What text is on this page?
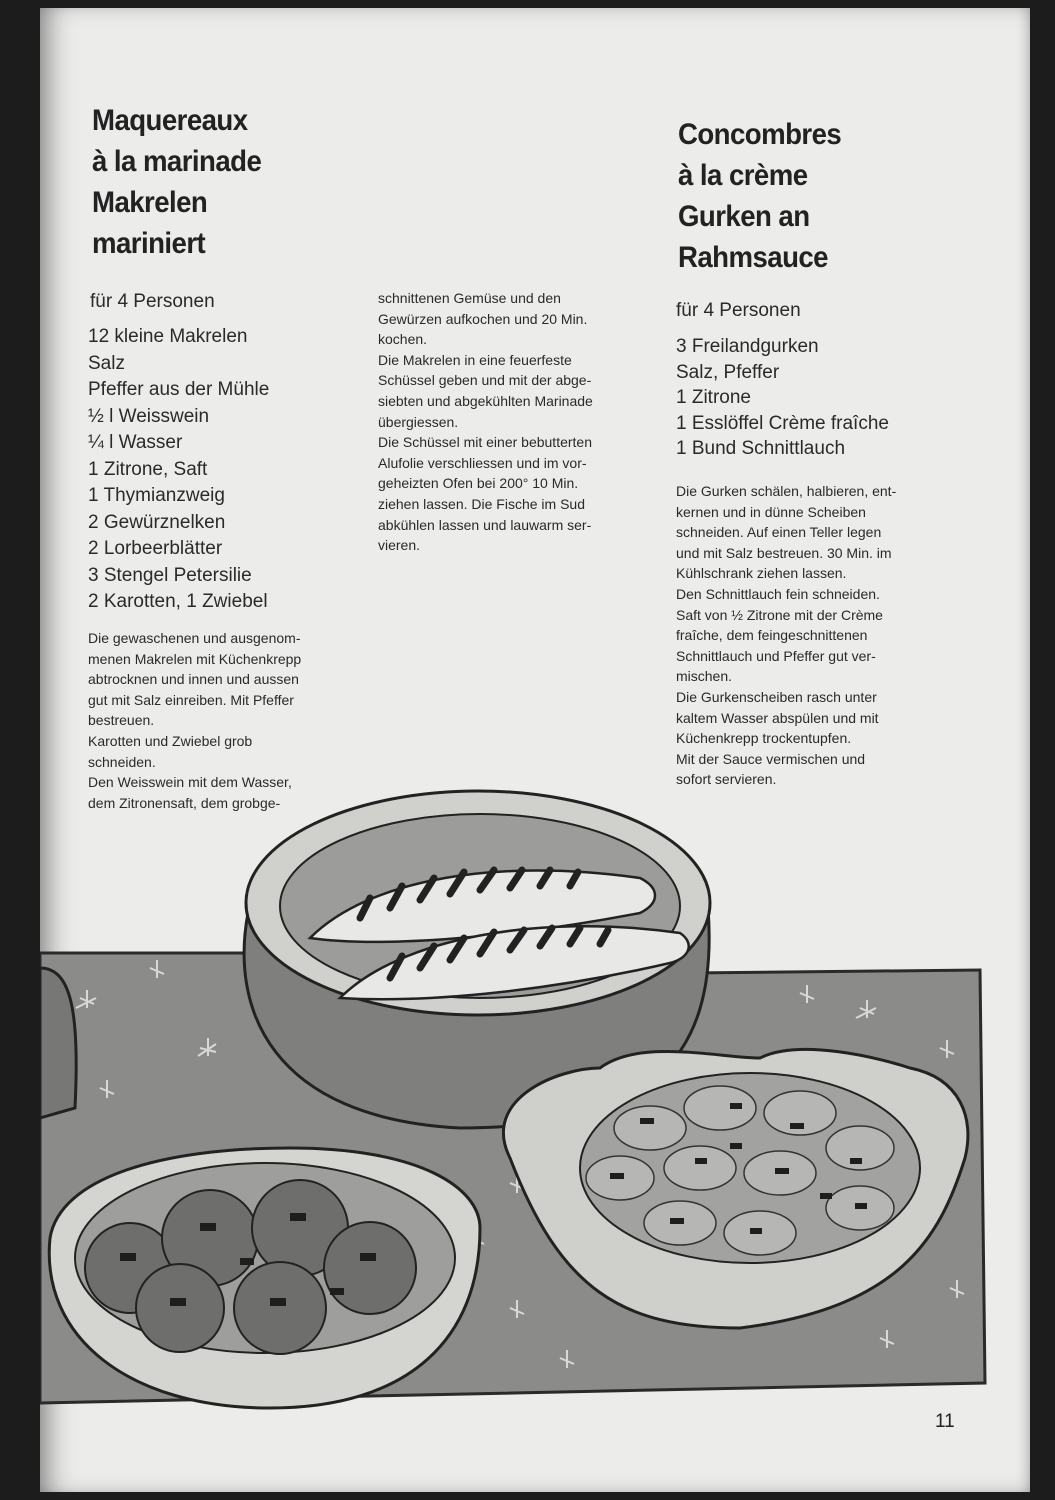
Maquereaux
à la marinade
Makrelen
mariniert
für 4 Personen
12 kleine Makrelen
Salz
Pfeffer aus der Mühle
½ l Weisswein
¼ l Wasser
1 Zitrone, Saft
1 Thymianzweig
2 Gewürznelken
2 Lorbeerblätter
3 Stengel Petersilie
2 Karotten, 1 Zwiebel
Die gewaschenen und ausgenom-
menen Makrelen mit Küchenkrepp
abtrocknen und innen und aussen
gut mit Salz einreiben. Mit Pfeffer
bestreuen.
Karotten und Zwiebel grob
schneiden.
Den Weisswein mit dem Wasser,
dem Zitronensaft, dem grobge-
schnittenen Gemüse und den
Gewürzen aufkochen und 20 Min.
kochen.
Die Makrelen in eine feuerfeste
Schüssel geben und mit der abge-
siebten und abgekühlten Marinade
übergiessen.
Die Schüssel mit einer bebutterten
Alufolie verschliessen und im vor-
geheizten Ofen bei 200° 10 Min.
ziehen lassen. Die Fische im Sud
abkühlen lassen und lauwarm ser-
vieren.
Concombres
à la crème
Gurken an
Rahmsauce
für 4 Personen
3 Freilandgurken
Salz, Pfeffer
1 Zitrone
1 Esslöffel Crème fraîche
1 Bund Schnittlauch
Die Gurken schälen, halbieren, ent-
kernen und in dünne Scheiben
schneiden. Auf einen Teller legen
und mit Salz bestreuen. 30 Min. im
Kühlschrank ziehen lassen.
Den Schnittlauch fein schneiden.
Saft von ½ Zitrone mit der Crème
fraîche, dem feingeschnittenen
Schnittlauch und Pfeffer gut ver-
mischen.
Die Gurkenscheiben rasch unter
kaltem Wasser abspülen und mit
Küchenkrepp trockentupfen.
Mit der Sauce vermischen und
sofort servieren.
11
